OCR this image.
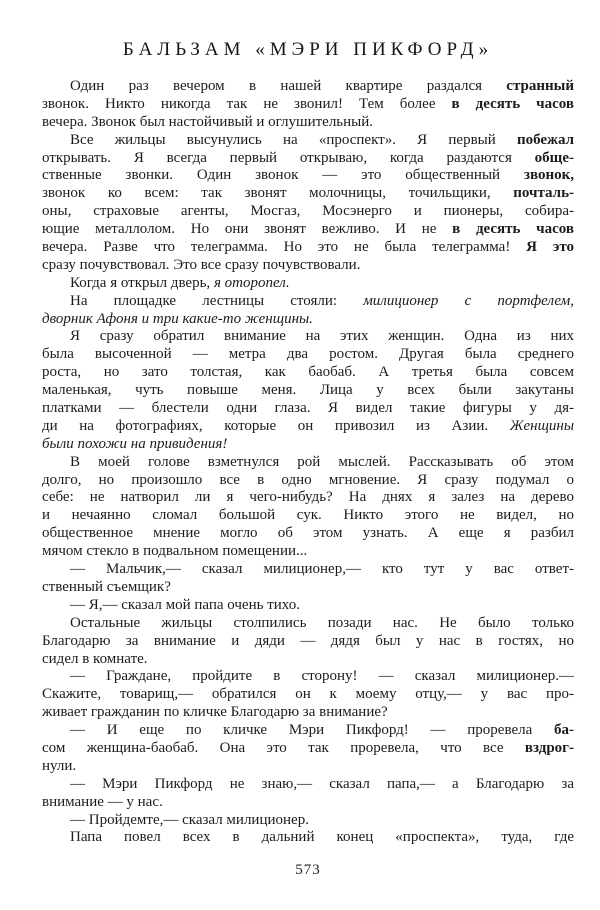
БАЛЬЗАМ «МЭРИ ПИКФОРД»
Один раз вечером в нашей квартире раздался странный
звонок. Никто никогда так не звонил! Тем более в десять часов
вечера. Звонок был настойчивый и оглушительный.
Все жильцы высунулись на «проспект». Я первый побежал
открывать. Я всегда первый открываю, когда раздаются обще-
ственные звонки. Один звонок — это общественный звонок,
звонок ко всем: так звонят молочницы, точильщики, почталь-
оны, страховые агенты, Мосгаз, Мосэнерго и пионеры, собира-
ющие металлолом. Но они звонят вежливо. И не в десять часов
вечера. Разве что телеграмма. Но это не была телеграмма! Я это
сразу почувствовал. Это все сразу почувствовали.
Когда я открыл дверь, я оторопел.
На площадке лестницы стояли: милиционер с портфелем,
дворник Афоня и три какие-то женщины.
Я сразу обратил внимание на этих женщин. Одна из них
была высоченной — метра два ростом. Другая была среднего
роста, но зато толстая, как баобаб. А третья была совсем
маленькая, чуть повыше меня. Лица у всех были закутаны
платками — блестели одни глаза. Я видел такие фигуры у дя-
ди на фотографиях, которые он привозил из Азии. Женщины
были похожи на привидения!
В моей голове взметнулся рой мыслей. Рассказывать об этом
долго, но произошло все в одно мгновение. Я сразу подумал о
себе: не натворил ли я чего-нибудь? На днях я залез на дерево
и нечаянно сломал большой сук. Никто этого не видел, но
общественное мнение могло об этом узнать. А еще я разбил
мячом стекло в подвальном помещении...
— Мальчик,— сказал милиционер,— кто тут у вас ответ-
ственный съемщик?
— Я,— сказал мой папа очень тихо.
Остальные жильцы столпились позади нас. Не было только
Благодарю за внимание и дяди — дядя был у нас в гостях, но
сидел в комнате.
— Граждане, пройдите в сторону! — сказал милиционер.—
Скажите, товарищ,— обратился он к моему отцу,— у вас про-
живает гражданин по кличке Благодарю за внимание?
— И еще по кличке Мэри Пикфорд! — проревела ба-
сом женщина-баобаб. Она это так проревела, что все вздрог-
нули.
— Мэри Пикфорд не знаю,— сказал папа,— а Благодарю за
внимание — у нас.
— Пройдемте,— сказал милиционер.
Папа повел всех в дальний конец «проспекта», туда, где
573
